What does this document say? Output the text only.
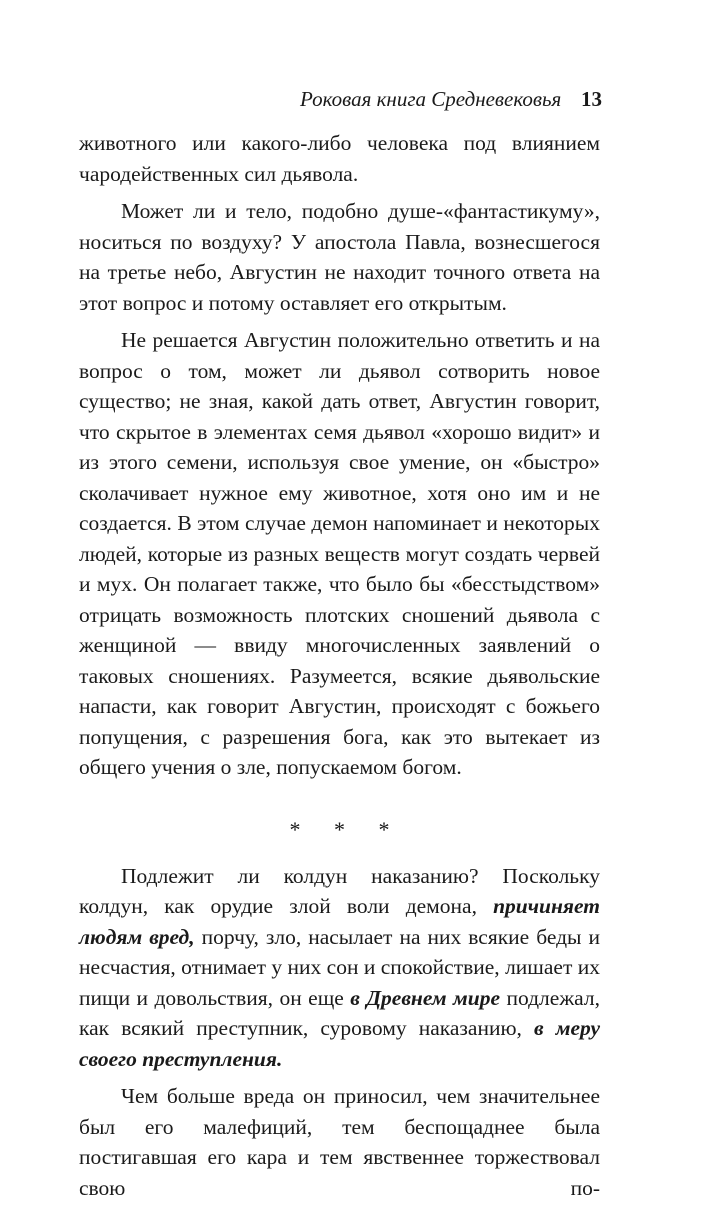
Роковая книга Средневековья 13

животного или какого-либо человека под влиянием чародейственных сил дьявола.

Может ли и тело, подобно душе-«фантастикуму», носиться по воздуху? У апостола Павла, вознесшегося на третье небо, Августин не находит точного ответа на этот вопрос и потому оставляет его открытым.

Не решается Августин положительно ответить и на вопрос о том, может ли дьявол сотворить новое существо; не зная, какой дать ответ, Августин говорит, что скрытое в элементах семя дьявол «хорошо видит» и из этого семени, используя свое умение, он «быстро» сколачивает нужное ему животное, хотя оно им и не создается. В этом случае демон напоминает и некоторых людей, которые из разных веществ могут создать червей и мух. Он полагает также, что было бы «бесстыдством» отрицать возможность плотских сношений дьявола с женщиной — ввиду многочисленных заявлений о таковых сношениях. Разумеется, всякие дьявольские напасти, как говорит Августин, происходят с божьего попущения, с разрешения бога, как это вытекает из общего учения о зле, попускаемом богом.

* * *

Подлежит ли колдун наказанию? Поскольку колдун, как орудие злой воли демона, причиняет людям вред, порчу, зло, насылает на них всякие беды и несчастия, отнимает у них сон и спокойствие, лишает их пищи и довольствия, он еще в Древнем мире подлежал, как всякий преступник, суровому наказанию, в меру своего преступления.

Чем больше вреда он приносил, чем значительнее был его малефиций, тем беспощаднее была постигавшая его кара и тем явственнее торжествовал свою по-
